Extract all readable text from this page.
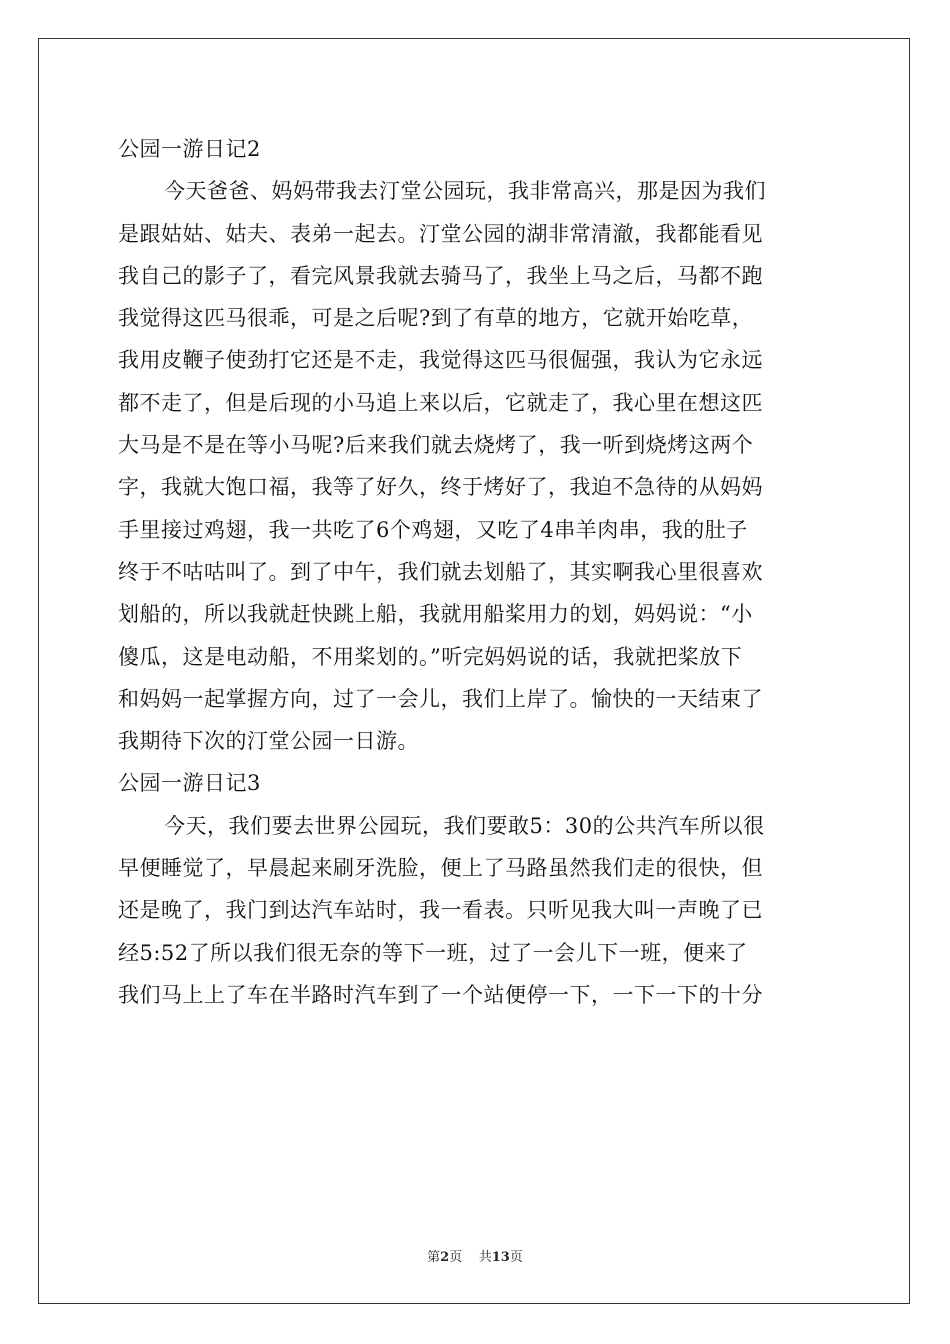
公园一游日记2
今天爸爸、妈妈带我去汀堂公园玩，我非常高兴，那是因为我们
是跟姑姑、姑夫、表弟一起去。汀堂公园的湖非常清澈，我都能看见
我自己的影子了，看完风景我就去骑马了，我坐上马之后，马都不跑
我觉得这匹马很乖，可是之后呢?到了有草的地方，它就开始吃草，
我用皮鞭子使劲打它还是不走，我觉得这匹马很倔强，我认为它永远
都不走了，但是后现的小马追上来以后，它就走了，我心里在想这匹
大马是不是在等小马呢?后来我们就去烧烤了，我一听到烧烤这两个
字，我就大饱口福，我等了好久，终于烤好了，我迫不急待的从妈妈
手里接过鸡翅，我一共吃了6个鸡翅，又吃了4串羊肉串，我的肚子
终于不咕咕叫了。到了中午，我们就去划船了，其实啊我心里很喜欢
划船的，所以我就赶快跳上船，我就用船桨用力的划，妈妈说：“小
傻瓜，这是电动船，不用桨划的。”听完妈妈说的话，我就把桨放下
和妈妈一起掌握方向，过了一会儿，我们上岸了。愉快的一天结束了
我期待下次的汀堂公园一日游。
公园一游日记3
今天，我们要去世界公园玩，我们要敢5：30的公共汽车所以很
早便睡觉了，早晨起来刷牙洗脸，便上了马路虽然我们走的很快，但
还是晚了，我门到达汽车站时，我一看表。只听见我大叫一声晚了已
经5:52了所以我们很无奈的等下一班，过了一会儿下一班，便来了
我们马上上了车在半路时汽车到了一个站便停一下，一下一下的十分
第2页 共13页
